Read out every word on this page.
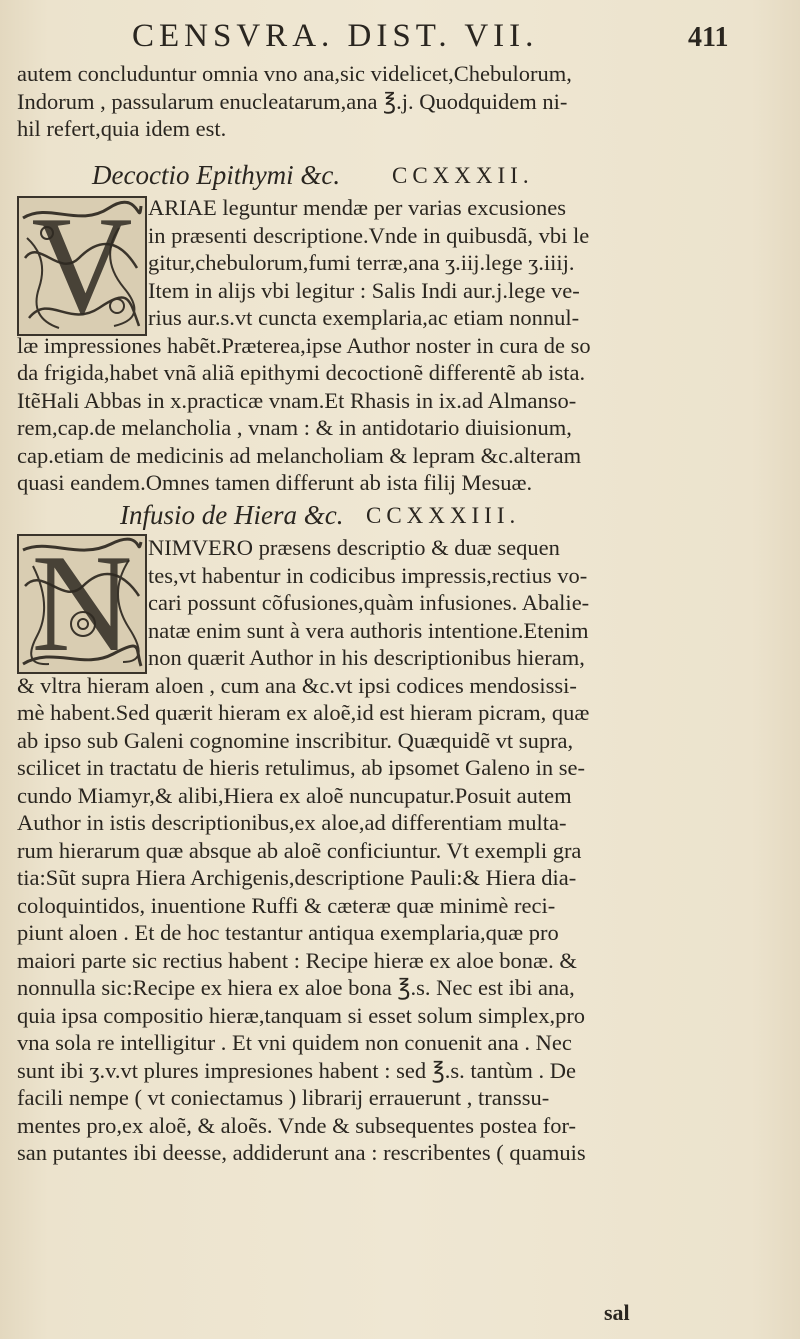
CENSVRA. DIST. VII.	411
autem concluduntur omnia vno ana,sic videlicet,Chebulorum,
Indorum , passularum enucleatarum,ana ℥.j. Quodquidem ni-
hil refert,quia idem est.
Decoctio Epithymi &c. CCXXXII.
V ARIAE leguntur mendæ per varias excusiones
in præsenti descriptione.Vnde in quibusdã, vbi le
gitur,chebulorum,fumi terræ,ana ʒ.iij.lege ʒ.iiij.
Item in alijs vbi legitur : Salis Indi aur.j.lege ve-
rius aur.s.vt cuncta exemplaria,ac etiam nonnul-
læ impressiones habẽt.Præterea,ipse Author noster in cura de so
da frigida,habet vnã aliã epithymi decoctionẽ differentẽ ab ista.
ItẽHali Abbas in x.practicæ vnam.Et Rhasis in ix.ad Almanso-
rem,cap.de melancholia , vnam : & in antidotario diuisionum,
cap.etiam de medicinis ad melancholiam & lepram &c.alteram
quasi eandem.Omnes tamen differunt ab ista filij Mesuæ.
Infusio de Hiera &c. CCXXXIII.
N NIMVERO præsens descriptio & duæ sequen
tes,vt habentur in codicibus impressis,rectius vo-
cari possunt cõfusiones,quàm infusiones. Abalie-
natæ enim sunt à vera authoris intentione.Etenim
non quærit Author in his descriptionibus hieram,
& vltra hieram aloen , cum ana &c.vt ipsi codices mendosissi-
mè habent.Sed quærit hieram ex aloẽ,id est hieram picram, quæ
ab ipso sub Galeni cognomine inscribitur. Quæquidẽ vt supra,
scilicet in tractatu de hieris retulimus, ab ipsomet Galeno in se-
cundo Miamyr,& alibi,Hiera ex aloẽ nuncupatur.Posuit autem
Author in istis descriptionibus,ex aloe,ad differentiam multa-
rum hierarum quæ absque ab aloẽ conficiuntur. Vt exempli gra
tia:Sũt supra Hiera Archigenis,descriptione Pauli:& Hiera dia-
coloquintidos, inuentione Ruffi & cæteræ quæ minimè reci-
piunt aloen . Et de hoc testantur antiqua exemplaria,quæ pro
maiori parte sic rectius habent : Recipe hieræ ex aloe bonæ. &
nonnulla sic:Recipe ex hiera ex aloe bona ℥.s. Nec est ibi ana,
quia ipsa compositio hieræ,tanquam si esset solum simplex,pro
vna sola re intelligitur . Et vni quidem non conuenit ana . Nec
sunt ibi ʒ.v.vt plures impresiones habent : sed ℥.s. tantùm . De
facili nempe ( vt coniectamus ) librarij errauerunt , transsu-
mentes pro,ex aloẽ, & aloẽs. Vnde & subsequentes postea for-
san putantes ibi deesse, addiderunt ana : rescribentes ( quamuis
sal
